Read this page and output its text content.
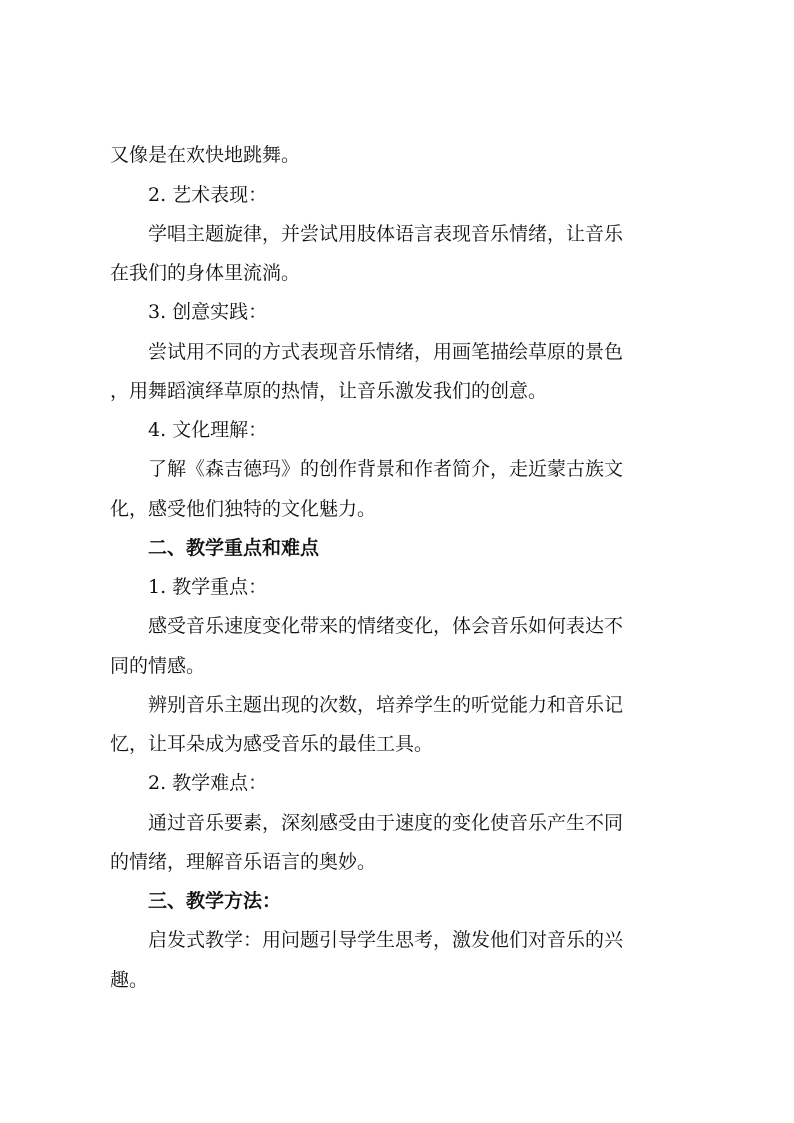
又像是在欢快地跳舞。
2. 艺术表现：
学唱主题旋律，并尝试用肢体语言表现音乐情绪，让音乐
在我们的身体里流淌。
3. 创意实践：
尝试用不同的方式表现音乐情绪，用画笔描绘草原的景色
，用舞蹈演绎草原的热情，让音乐激发我们的创意。
4. 文化理解：
了解《森吉德玛》的创作背景和作者简介，走近蒙古族文
化，感受他们独特的文化魅力。
二、教学重点和难点
1. 教学重点：
感受音乐速度变化带来的情绪变化，体会音乐如何表达不
同的情感。
辨别音乐主题出现的次数，培养学生的听觉能力和音乐记
忆，让耳朵成为感受音乐的最佳工具。
2. 教学难点：
通过音乐要素，深刻感受由于速度的变化使音乐产生不同
的情绪，理解音乐语言的奥妙。
三、教学方法：
启发式教学：用问题引导学生思考，激发他们对音乐的兴
趣。
